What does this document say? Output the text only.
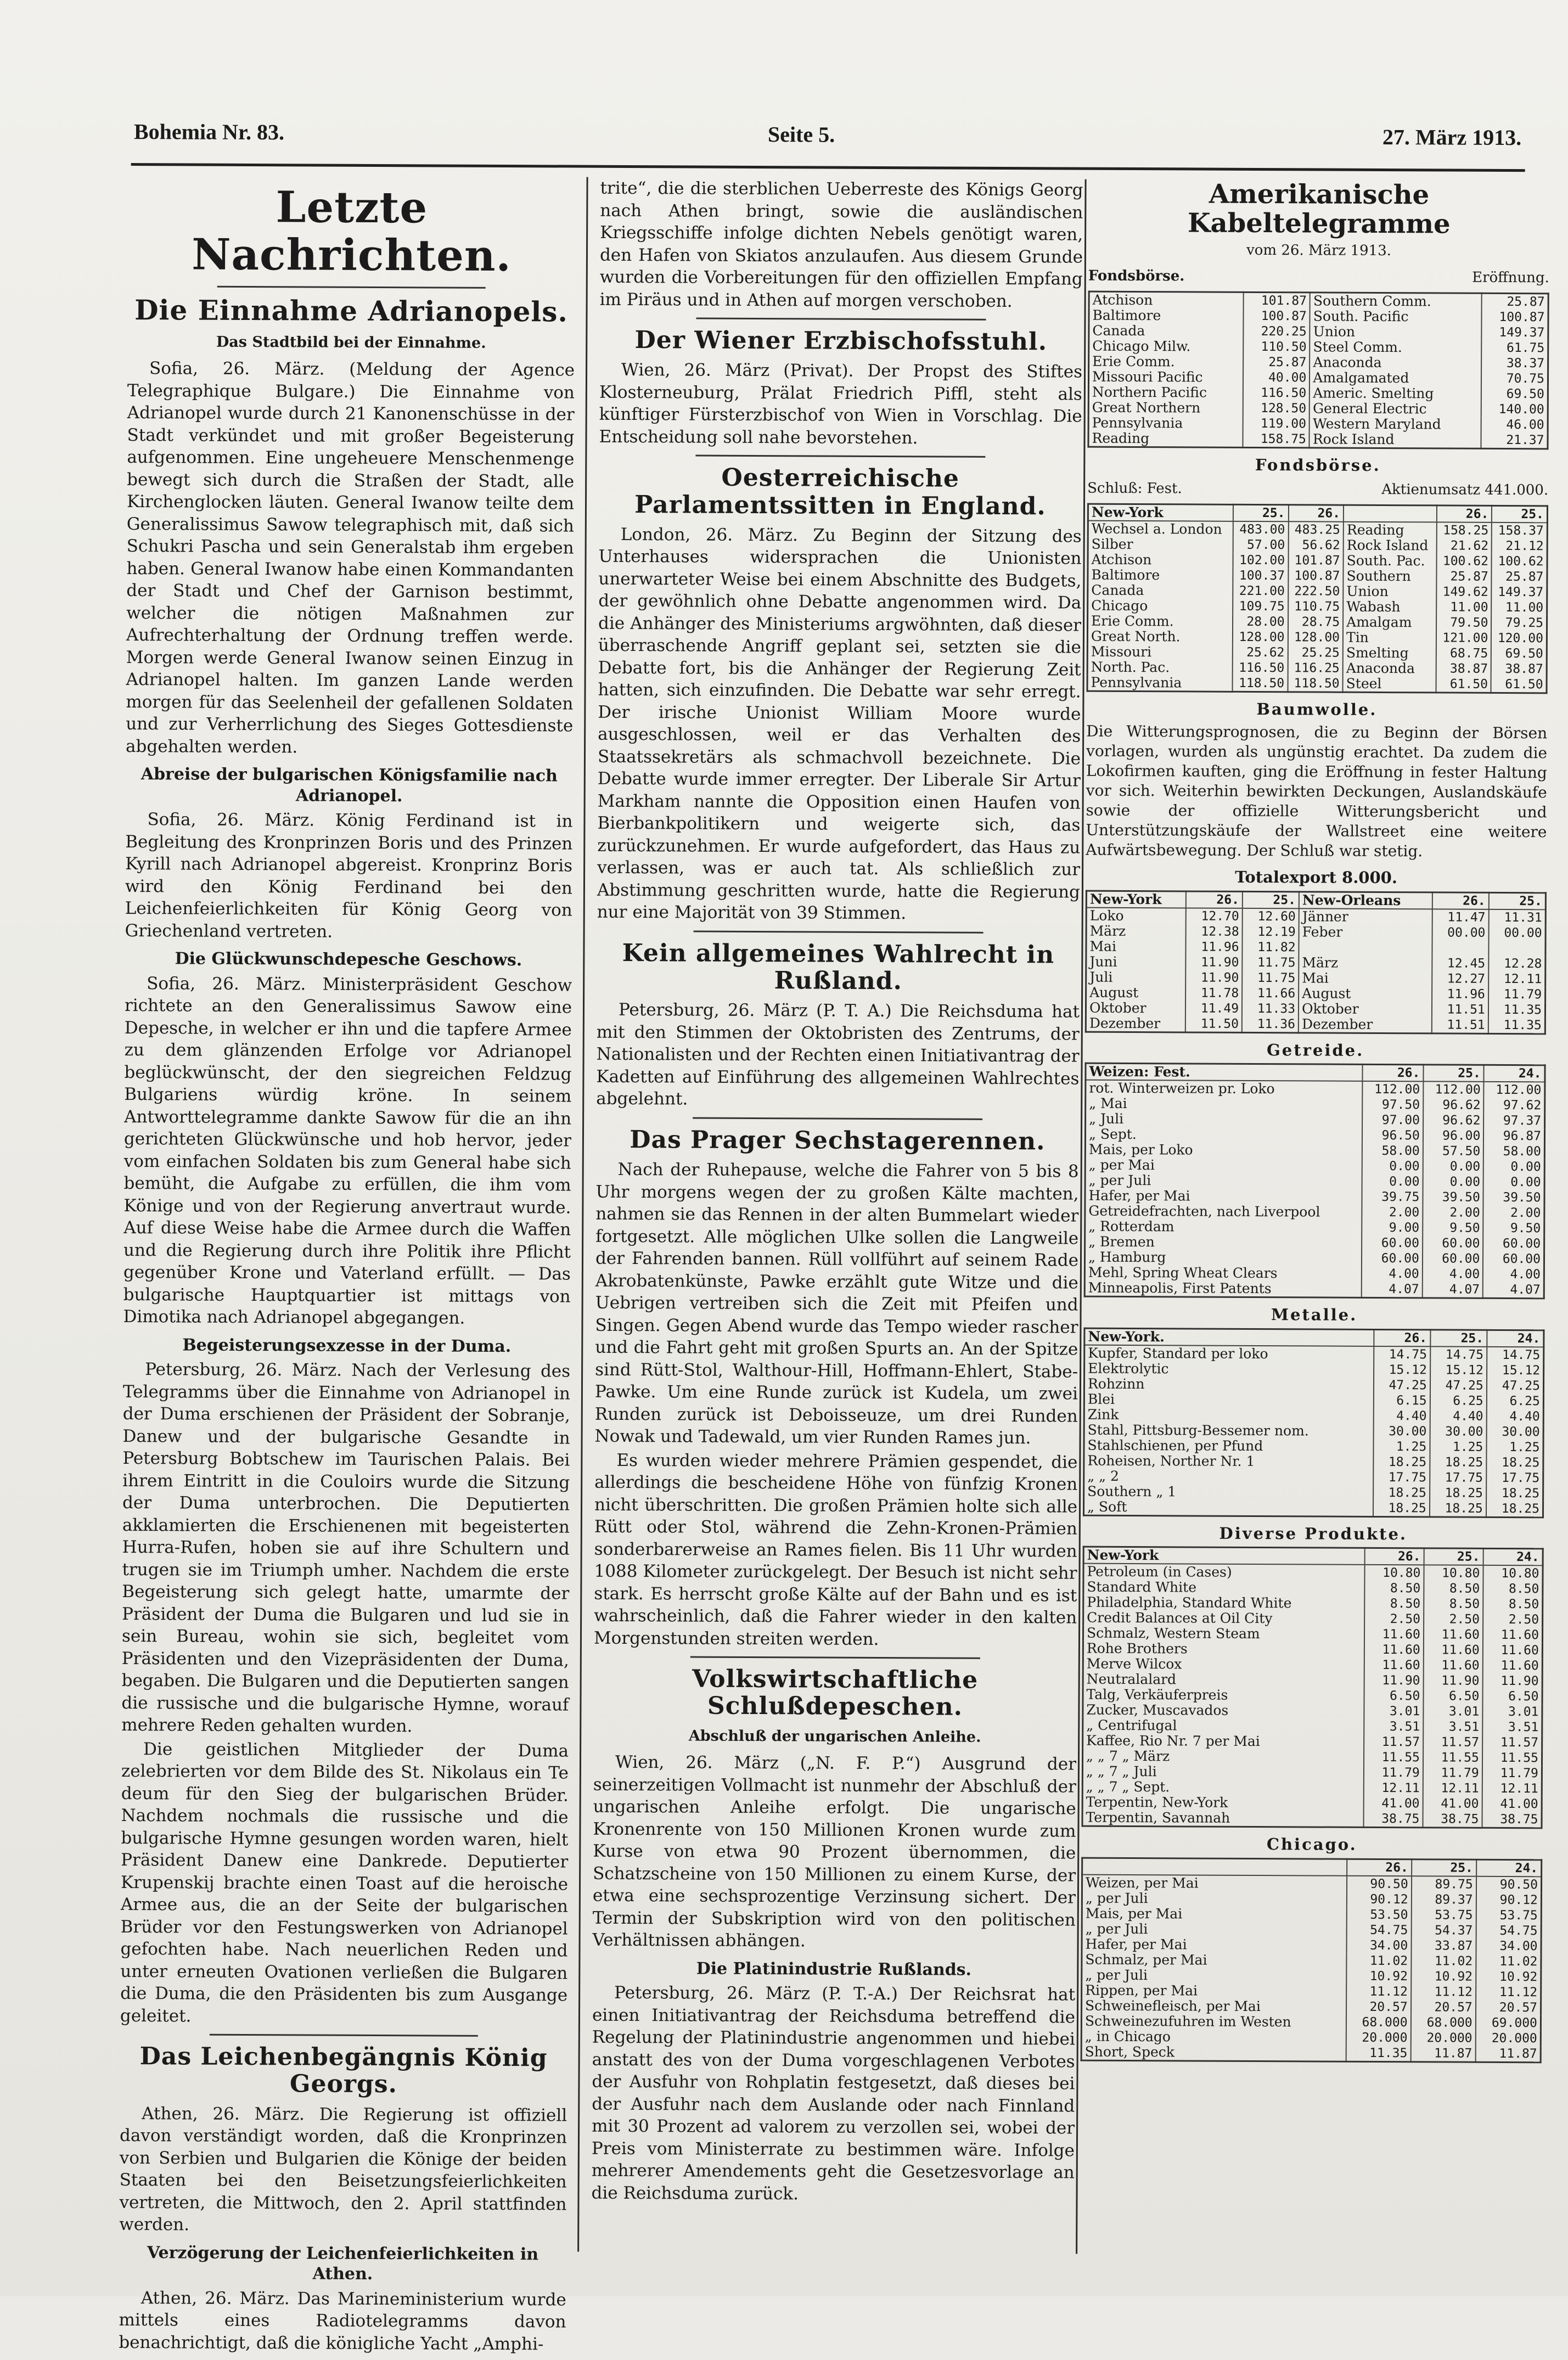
Bohemia Nr. 83.	Seite 5.	27. März 1913.
Letzte Nachrichten.
Die Einnahme Adrianopels.
Das Stadtbild bei der Einnahme.

Sofia, 26. März. (Meldung der Agence Telegraphique Bulgare.) Die Einnahme von Adrianopel wurde durch 21 Kanonenschüsse in der Stadt verkündet und mit großer Begeisterung aufgenommen. Eine ungeheuere Menschenmenge bewegt sich durch die Straßen der Stadt, alle Kirchenglocken läuten. General Iwanow teilte dem Generalissimus Sawow telegraphisch mit, daß sich Schukri Pascha und sein Generalstab ihm ergeben haben. General Iwanow habe einen Kommandanten der Stadt und Chef der Garnison bestimmt, welcher die nötigen Maßnahmen zur Aufrechterhaltung der Ordnung treffen werde. Morgen werde General Iwanow seinen Einzug in Adrianopel halten. Im ganzen Lande werden morgen für das Seelenheil der gefallenen Soldaten und zur Verherrlichung des Sieges Gottesdienste abgehalten werden.

Abreise der bulgarischen Königsfamilie nach Adrianopel.

Sofia, 26. März. König Ferdinand ist in Begleitung des Kronprinzen Boris und des Prinzen Kyrill nach Adrianopel abgereist. Kronprinz Boris wird den König Ferdinand bei den Leichenfeierlichkeiten für König Georg von Griechenland vertreten.

Die Glückwunschdepesche Geschows.

Sofia, 26. März. Ministerpräsident Geschow richtete an den Generalissimus Sawow eine Depesche, in welcher er ihn und die tapfere Armee zu dem glänzenden Erfolge vor Adrianopel beglückwünscht, der den siegreichen Feldzug Bulgariens würdig kröne. In seinem Antworttelegramme dankte Sawow für die an ihn gerichteten Glückwünsche und hob hervor, jeder vom einfachen Soldaten bis zum General habe sich bemüht, die Aufgabe zu erfüllen, die ihm vom Könige und von der Regierung anvertraut wurde. Auf diese Weise habe die Armee durch die Waffen und die Regierung durch ihre Politik ihre Pflicht gegenüber Krone und Vaterland erfüllt. — Das bulgarische Hauptquartier ist mittags von Dimotika nach Adrianopel abgegangen.

Begeisterungsexzesse in der Duma.

Petersburg, 26. März. Nach der Verlesung des Telegramms über die Einnahme von Adrianopel in der Duma erschienen der Präsident der Sobranje, Danew und der bulgarische Gesandte in Petersburg Bobtschew im Taurischen Palais. Bei ihrem Eintritt in die Couloirs wurde die Sitzung der Duma unterbrochen. Die Deputierten akklamierten die Erschienenen mit begeisterten Hurra-Rufen, hoben sie auf ihre Schultern und trugen sie im Triumph umher. Nachdem die erste Begeisterung sich gelegt hatte, umarmte der Präsident der Duma die Bulgaren und lud sie in sein Bureau, wohin sie sich, begleitet vom Präsidenten und den Vizepräsidenten der Duma, begaben. Die Bulgaren und die Deputierten sangen die russische und die bulgarische Hymne, worauf mehrere Reden gehalten wurden.

Die geistlichen Mitglieder der Duma zelebrierten vor dem Bilde des St. Nikolaus ein Te deum für den Sieg der bulgarischen Brüder. Nachdem nochmals die russische und die bulgarische Hymne gesungen worden waren, hielt Präsident Danew eine Dankrede. Deputierter Krupenskij brachte einen Toast auf die heroische Armee aus, die an der Seite der bulgarischen Brüder vor den Festungswerken von Adrianopel gefochten habe. Nach neuerlichen Reden und unter erneuten Ovationen verließen die Bulgaren die Duma, die den Präsidenten bis zum Ausgange geleitet.

Das Leichenbegängnis König Georgs.

Athen, 26. März. Die Regierung ist offiziell davon verständigt worden, daß die Kronprinzen von Serbien und Bulgarien die Könige der beiden Staaten bei den Beisetzungsfeierlichkeiten vertreten, die Mittwoch, den 2. April stattfinden werden.

Verzögerung der Leichenfeierlichkeiten in Athen.

Athen, 26. März. Das Marineministerium wurde mittels eines Radiotelegramms davon benachrichtigt, daß die königliche Yacht „Amphi-

trite“, die die sterblichen Ueberreste des Königs Georg nach Athen bringt, sowie die ausländischen Kriegsschiffe infolge dichten Nebels genötigt waren, den Hafen von Skiatos anzulaufen. Aus diesem Grunde wurden die Vorbereitungen für den offiziellen Empfang im Piräus und in Athen auf morgen verschoben.

Der Wiener Erzbischofsstuhl.

Wien, 26. März (Privat). Der Propst des Stiftes Klosterneuburg, Prälat Friedrich Piffl, steht als künftiger Fürsterzbischof von Wien in Vorschlag. Die Entscheidung soll nahe bevorstehen.

Oesterreichische Parlamentssitten in England.

London, 26. März. Zu Beginn der Sitzung des Unterhauses widersprachen die Unionisten unerwarteter Weise bei einem Abschnitte des Budgets, der gewöhnlich ohne Debatte angenommen wird. Da die Anhänger des Ministeriums argwöhnten, daß dieser überraschende Angriff geplant sei, setzten sie die Debatte fort, bis die Anhänger der Regierung Zeit hatten, sich einzufinden. Die Debatte war sehr erregt. Der irische Unionist William Moore wurde ausgeschlossen, weil er das Verhalten des Staatssekretärs als schmachvoll bezeichnete. Die Debatte wurde immer erregter. Der Liberale Sir Artur Markham nannte die Opposition einen Haufen von Bierbankpolitikern und weigerte sich, das zurückzunehmen. Er wurde aufgefordert, das Haus zu verlassen, was er auch tat. Als schließlich zur Abstimmung geschritten wurde, hatte die Regierung nur eine Majorität von 39 Stimmen.

Kein allgemeines Wahlrecht in Rußland.

Petersburg, 26. März (P. T. A.) Die Reichsduma hat mit den Stimmen der Oktobristen des Zentrums, der Nationalisten und der Rechten einen Initiativantrag der Kadetten auf Einführung des allgemeinen Wahlrechtes abgelehnt.

Das Prager Sechstagerennen.

Nach der Ruhepause, welche die Fahrer von 5 bis 8 Uhr morgens wegen der zu großen Kälte machten, nahmen sie das Rennen in der alten Bummelart wieder fortgesetzt. Alle möglichen Ulke sollen die Langweile der Fahrenden bannen. Rüll vollführt auf seinem Rade Akrobatenkünste, Pawke erzählt gute Witze und die Uebrigen vertreiben sich die Zeit mit Pfeifen und Singen. Gegen Abend wurde das Tempo wieder rascher und die Fahrt geht mit großen Spurts an. An der Spitze sind Rütt-Stol, Walthour-Hill, Hoffmann-Ehlert, Stabe-Pawke. Um eine Runde zurück ist Kudela, um zwei Runden zurück ist Deboisseuze, um drei Runden Nowak und Tadewald, um vier Runden Rames jun.

Es wurden wieder mehrere Prämien gespendet, die allerdings die bescheidene Höhe von fünfzig Kronen nicht überschritten. Die großen Prämien holte sich alle Rütt oder Stol, während die Zehn-Kronen-Prämien sonderbarerweise an Rames fielen. Bis 11 Uhr wurden 1088 Kilometer zurückgelegt. Der Besuch ist nicht sehr stark. Es herrscht große Kälte auf der Bahn und es ist wahrscheinlich, daß die Fahrer wieder in den kalten Morgenstunden streiten werden.

Volkswirtschaftliche Schlußdepeschen.
Abschluß der ungarischen Anleihe.

Wien, 26. März („N. F. P.“) Ausgrund der seinerzeitigen Vollmacht ist nunmehr der Abschluß der ungarischen Anleihe erfolgt. Die ungarische Kronenrente von 150 Millionen Kronen wurde zum Kurse von etwa 90 Prozent übernommen, die Schatzscheine von 150 Millionen zu einem Kurse, der etwa eine sechsprozentige Verzinsung sichert. Der Termin der Subskription wird von den politischen Verhältnissen abhängen.

Die Platinindustrie Rußlands.

Petersburg, 26. März (P. T.-A.) Der Reichsrat hat einen Initiativantrag der Reichsduma betreffend die Regelung der Platinindustrie angenommen und hiebei anstatt des von der Duma vorgeschlagenen Verbotes der Ausfuhr von Rohplatin festgesetzt, daß dieses bei der Ausfuhr nach dem Auslande oder nach Finnland mit 30 Prozent ad valorem zu verzollen sei, wobei der Preis vom Ministerrate zu bestimmen wäre. Infolge mehrerer Amendements geht die Gesetzesvorlage an die Reichsduma zurück.

Amerikanische Kabeltelegramme
vom 26. März 1913.
Fondsbörse.	Eröffnung.
Atchison	101.87	Southern Comm.	25.87
Baltimore	100.87	South. Pacific	100.87
Canada	220.25	Union	149.37
Chicago Milw.	110.50	Steel Comm.	61.75
Erie Comm.	25.87	Anaconda	38.37
Missouri Pacific	40.00	Amalgamated	70.75
Northern Pacific	116.50	Americ. Smelting	69.50
Great Northern	128.50	General Electric	140.00
Pennsylvania	119.00	Western Maryland	46.00
Reading	158.75	Rock Island	21.37
Fondsbörse.
Schluß: Fest.	Aktienumsatz 441.000.
New-York	25.	26.		26.	25.
Wechsel a. London	483.00	483.25	Reading	158.25	158.37
Silber	57.00	56.62	Rock Island	21.62	21.12
Atchison	102.00	101.87	South. Pac.	100.62	100.62
Baltimore	100.37	100.87	Southern	25.87	25.87
Canada	221.00	222.50	Union	149.62	149.37
Chicago	109.75	110.75	Wabash	11.00	11.00
Erie Comm.	28.00	28.75	Amalgam	79.50	79.25
Great North.	128.00	128.00	Tin	121.00	120.00
Missouri	25.62	25.25	Smelting	68.75	69.50
North. Pac.	116.50	116.25	Anaconda	38.87	38.87
Pennsylvania	118.50	118.50	Steel	61.50	61.50
Baumwolle.
Die Witterungsprognosen, die zu Beginn der Börsen vorlagen, wurden als ungünstig erachtet. Da zudem die Lokofirmen kauften, ging die Eröffnung in fester Haltung vor sich. Weiterhin bewirkten Deckungen, Auslandskäufe sowie der offizielle Witterungsbericht und Unterstützungskäufe der Wallstreet eine weitere Aufwärtsbewegung. Der Schluß war stetig.
Totalexport 8.000.
New-York	26.	25.	New-Orleans	26.	25.
Loko	12.70	12.60	Jänner	11.47	11.31
März	12.38	12.19	Feber	00.00	00.00
Mai	11.96	11.82			
Juni	11.90	11.75	März	12.45	12.28
Juli	11.90	11.75	Mai	12.27	12.11
August	11.78	11.66	August	11.96	11.79
Oktober	11.49	11.33	Oktober	11.51	11.35
Dezember	11.50	11.36	Dezember	11.51	11.35
Getreide.
Weizen: Fest.	26.	25.	24.
rot. Winterweizen pr. Loko	112.00	112.00	112.00
„ Mai	97.50	96.62	97.62
„ Juli	97.00	96.62	97.37
„ Sept.	96.50	96.00	96.87
Mais, per Loko	58.00	57.50	58.00
„ per Mai	0.00	0.00	0.00
„ per Juli	0.00	0.00	0.00
Hafer, per Mai	39.75	39.50	39.50
Getreidefrachten, nach Liverpool	2.00	2.00	2.00
„ Rotterdam	9.00	9.50	9.50
„ Bremen	60.00	60.00	60.00
„ Hamburg	60.00	60.00	60.00
Mehl, Spring Wheat Clears	4.00	4.00	4.00
Minneapolis, First Patents	4.07	4.07	4.07
Metalle.
New-York.	26.	25.	24.
Kupfer, Standard per loko	14.75	14.75	14.75
Elektrolytic	15.12	15.12	15.12
Rohzinn	47.25	47.25	47.25
Blei	6.15	6.25	6.25
Zink	4.40	4.40	4.40
Stahl, Pittsburg-Bessemer nom.	30.00	30.00	30.00
Stahlschienen, per Pfund	1.25	1.25	1.25
Roheisen, Norther Nr. 1	18.25	18.25	18.25
„ „ 2	17.75	17.75	17.75
Southern „ 1	18.25	18.25	18.25
„ Soft	18.25	18.25	18.25
Diverse Produkte.
New-York	26.	25.	24.
Petroleum (in Cases)	10.80	10.80	10.80
Standard White	8.50	8.50	8.50
Philadelphia, Standard White	8.50	8.50	8.50
Credit Balances at Oil City	2.50	2.50	2.50
Schmalz, Western Steam	11.60	11.60	11.60
Rohe Brothers	11.60	11.60	11.60
Merve Wilcox	11.60	11.60	11.60
Neutralalard	11.90	11.90	11.90
Talg, Verkäuferpreis	6.50	6.50	6.50
Zucker, Muscavados	3.01	3.01	3.01
„ Centrifugal	3.51	3.51	3.51
Kaffee, Rio Nr. 7 per Mai	11.57	11.57	11.57
„ „ 7 „ März	11.55	11.55	11.55
„ „ 7 „ Juli	11.79	11.79	11.79
„ „ 7 „ Sept.	12.11	12.11	12.11
Terpentin, New-York	41.00	41.00	41.00
Terpentin, Savannah	38.75	38.75	38.75
Chicago.
	26.	25.	24.
Weizen, per Mai	90.50	89.75	90.50
„ per Juli	90.12	89.37	90.12
Mais, per Mai	53.50	53.75	53.75
„ per Juli	54.75	54.37	54.75
Hafer, per Mai	34.00	33.87	34.00
Schmalz, per Mai	11.02	11.02	11.02
„ per Juli	10.92	10.92	10.92
Rippen, per Mai	11.12	11.12	11.12
Schweinefleisch, per Mai	20.57	20.57	20.57
Schweinezufuhren im Westen	68.000	68.000	69.000
„ in Chicago	20.000	20.000	20.000
Short, Speck	11.35	11.87	11.87
